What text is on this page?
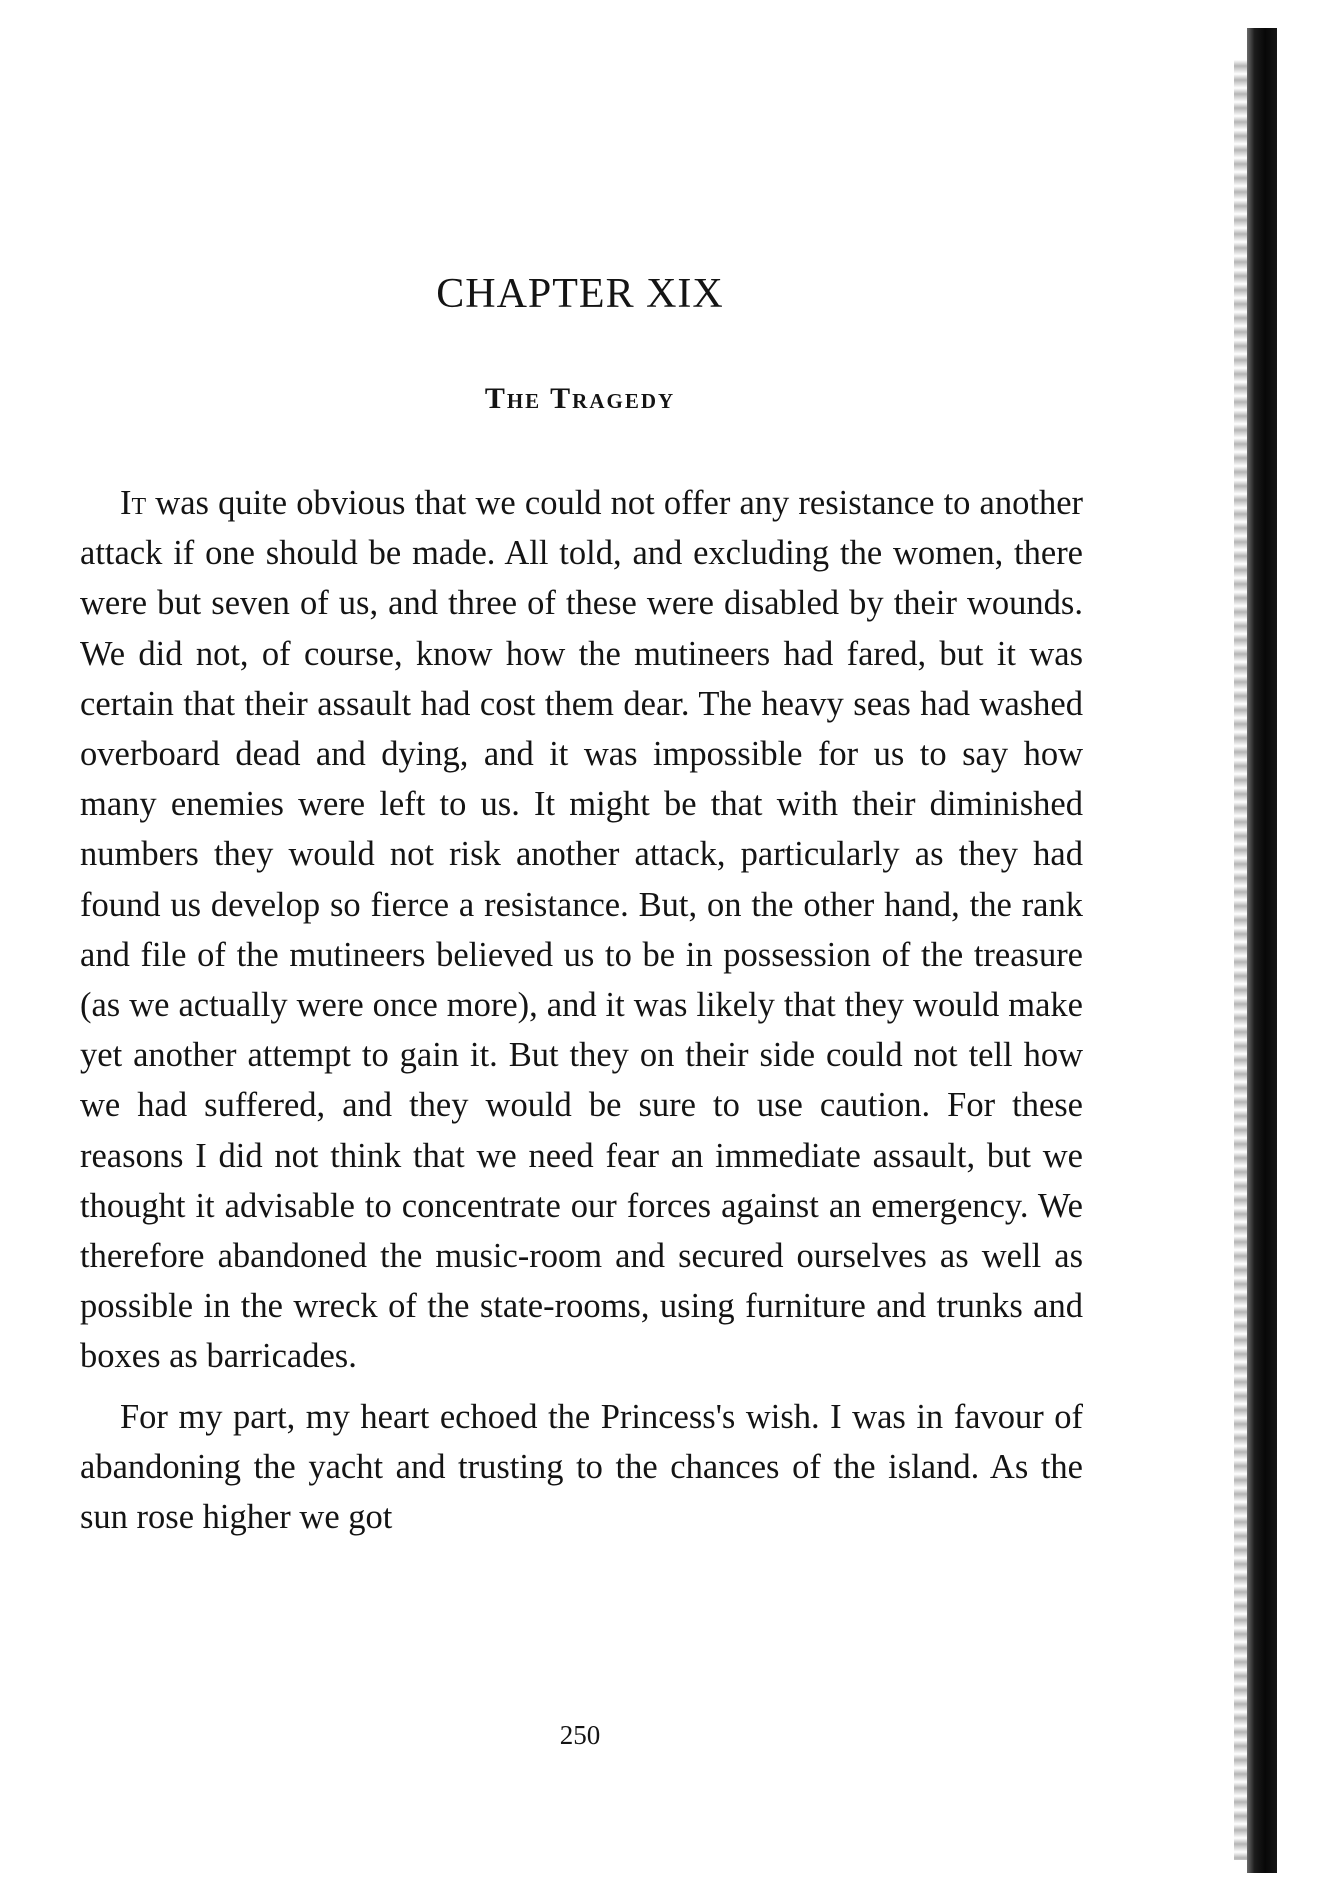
CHAPTER XIX
The Tragedy

It was quite obvious that we could not offer any resistance to another attack if one should be made. All told, and excluding the women, there were but seven of us, and three of these were disabled by their wounds. We did not, of course, know how the mutineers had fared, but it was certain that their assault had cost them dear. The heavy seas had washed overboard dead and dying, and it was impossible for us to say how many enemies were left to us. It might be that with their diminished numbers they would not risk another attack, particularly as they had found us develop so fierce a resistance. But, on the other hand, the rank and file of the mutineers believed us to be in possession of the treasure (as we actually were once more), and it was likely that they would make yet another attempt to gain it. But they on their side could not tell how we had suffered, and they would be sure to use caution. For these reasons I did not think that we need fear an immediate assault, but we thought it advisable to concentrate our forces against an emergency. We therefore abandoned the music-room and secured ourselves as well as possible in the wreck of the state-rooms, using furniture and trunks and boxes as barricades.

For my part, my heart echoed the Princess's wish. I was in favour of abandoning the yacht and trusting to the chances of the island. As the sun rose higher we got

250
